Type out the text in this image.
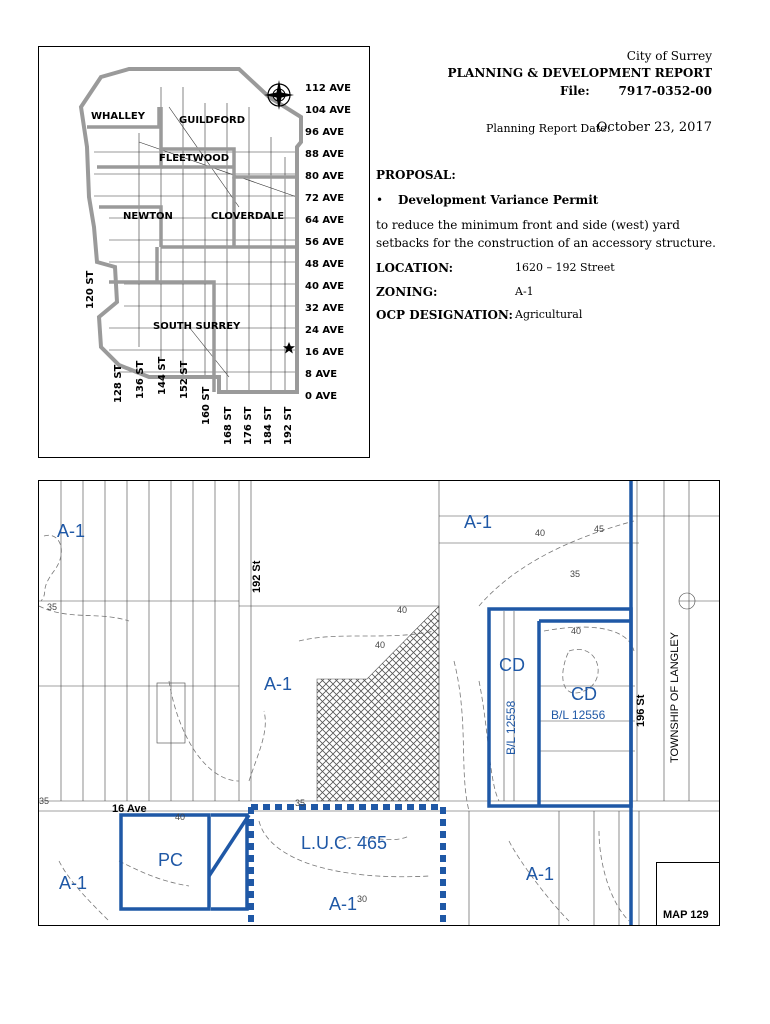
112 AVE
104 AVE
96 AVE
88 AVE
80 AVE
72 AVE
64 AVE
56 AVE
48 AVE
40 AVE
32 AVE
24 AVE
16 AVE
8 AVE
0 AVE
120 ST
128 ST 136 ST 144 ST 152 ST
160 ST
168 ST 176 ST 184 ST 192 ST
WHALLEY	GUILDFORD
FLEETWOOD
NEWTON	CLOVERDALE
SOUTH SURREY
City of Surrey
PLANNING & DEVELOPMENT REPORT
File: 7917-0352-00
Planning Report Date:
October 23, 2017
PROPOSAL:
• Development Variance Permit
to reduce the minimum front and side (west) yard
setbacks for the construction of an accessory structure.
LOCATION:	1620 – 192 Street
ZONING:	A-1
OCP DESIGNATION: Agricultural
A-1	A-1
A-1
A-1
A-1
A-1
CD
CD
PC
L.U.C. 465
B/L 12558	B/L 12556
192 St
196 St
16 Ave
TOWNSHIP OF LANGLEY
40
35
40
35
40
30
35
40
45
40
35
MAP 129
